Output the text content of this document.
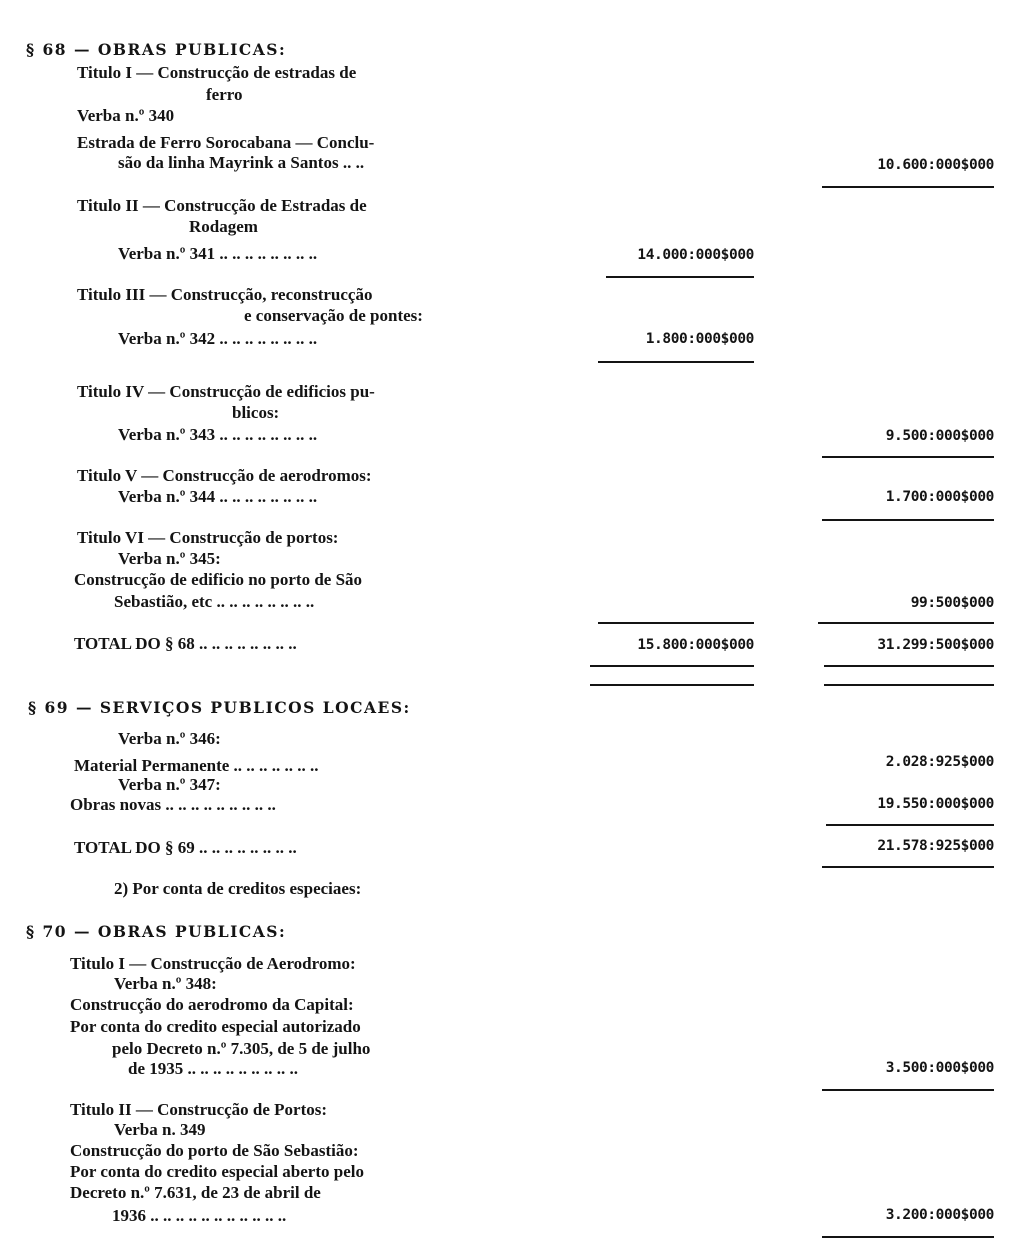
§ 68 — OBRAS PUBLICAS:
Titulo I — Construcção de estradas de
ferro
Verba n.º 340
Estrada de Ferro Sorocabana — Conclu-
são da linha Mayrink a Santos .. ..	10.600:000$000
Titulo II — Construcção de Estradas de
Rodagem
Verba n.º 341 .. .. .. .. .. .. .. ..	14.000:000$000
Titulo III — Construcção, reconstrucção
e conservação de pontes:
Verba n.º 342 .. .. .. .. .. .. .. ..	1.800:000$000
Titulo IV — Construcção de edificios pu-
blicos:
Verba n.º 343 .. .. .. .. .. .. .. ..	9.500:000$000
Titulo V — Construcção de aerodromos:
Verba n.º 344 .. .. .. .. .. .. .. ..	1.700:000$000
Titulo VI — Construcção de portos:
Verba n.º 345:
Construcção de edificio no porto de São
Sebastião, etc .. .. .. .. .. .. .. ..	99:500$000
TOTAL DO § 68 .. .. .. .. .. .. .. ..	15.800:000$000	31.299:500$000
§ 69 — SERVIÇOS PUBLICOS LOCAES:
Verba n.º 346:
Material Permanente .. .. .. .. .. .. ..	2.028:925$000
Verba n.º 347:
Obras novas .. .. .. .. .. .. .. .. ..	19.550:000$000
TOTAL DO § 69 .. .. .. .. .. .. .. ..	21.578:925$000
2) Por conta de creditos especiaes:
§ 70 — OBRAS PUBLICAS:
Titulo I — Construcção de Aerodromo:
Verba n.º 348:
Construcção do aerodromo da Capital:
Por conta do credito especial autorizado
pelo Decreto n.º 7.305, de 5 de julho
de 1935 .. .. .. .. .. .. .. .. ..	3.500:000$000
Titulo II — Construcção de Portos:
Verba n. 349
Construcção do porto de São Sebastião:
Por conta do credito especial aberto pelo
Decreto n.º 7.631, de 23 de abril de
1936 .. .. .. .. .. .. .. .. .. .. ..	3.200:000$000
